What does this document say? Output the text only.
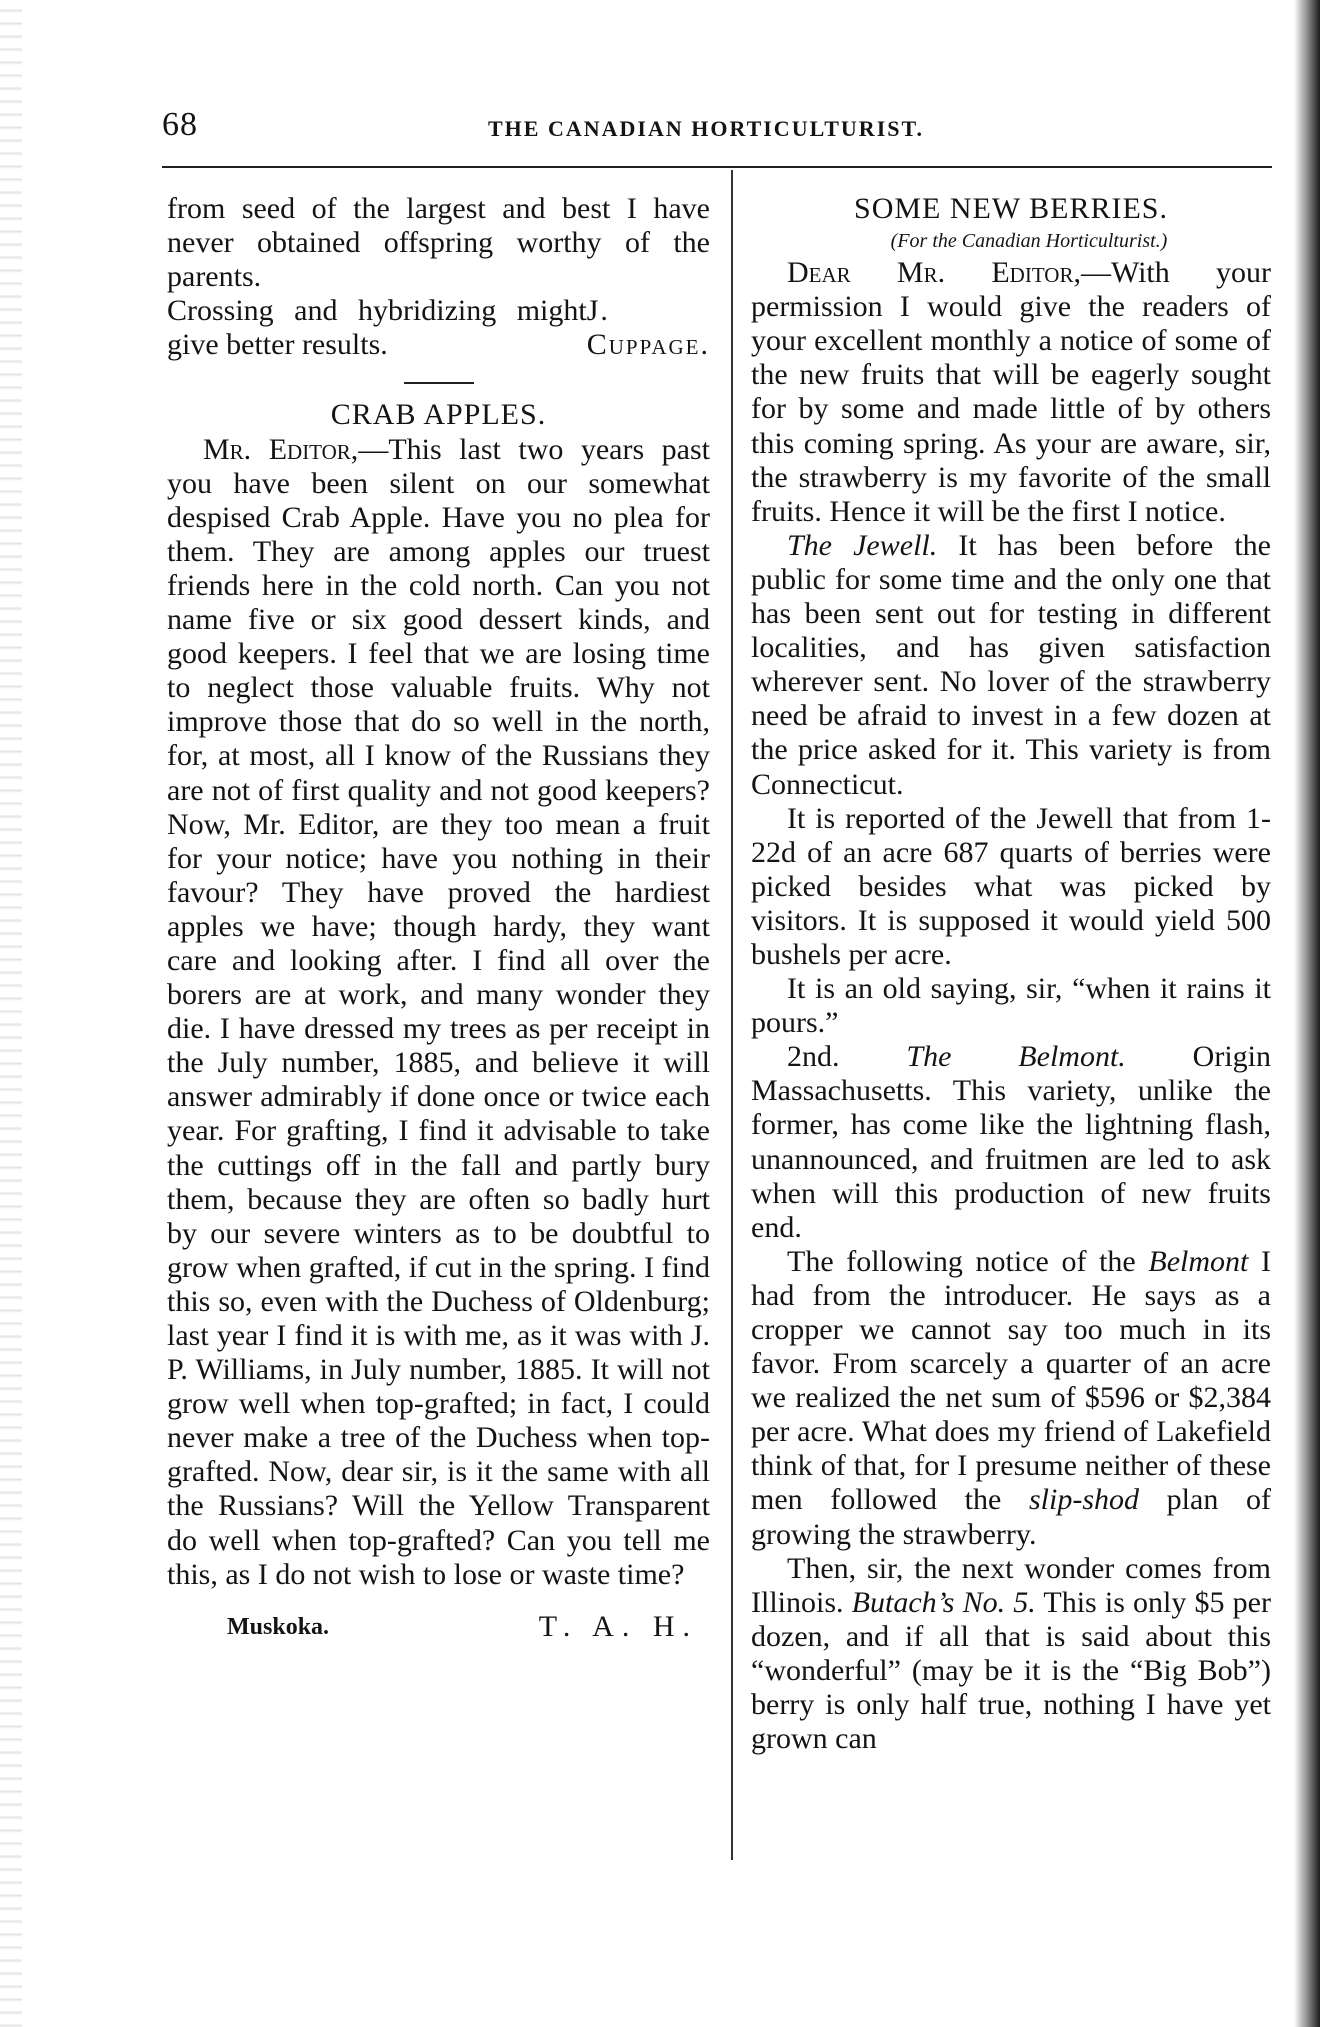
68	THE CANADIAN HORTICULTURIST.

from seed of the largest and best I have never obtained offspring worthy of the parents.

Crossing and hybridizing might give better results.
J. Cuppage.

CRAB APPLES.

Mr. Editor,—This last two years past you have been silent on our somewhat despised Crab Apple. Have you no plea for them. They are among apples our truest friends here in the cold north. Can you not name five or six good dessert kinds, and good keepers. I feel that we are losing time to neglect those valuable fruits. Why not improve those that do so well in the north, for, at most, all I know of the Russians they are not of first quality and not good keepers? Now, Mr. Editor, are they too mean a fruit for your notice; have you nothing in their favour? They have proved the hardiest apples we have; though hardy, they want care and looking after. I find all over the borers are at work, and many wonder they die. I have dressed my trees as per receipt in the July number, 1885, and believe it will answer admirably if done once or twice each year. For grafting, I find it advisable to take the cuttings off in the fall and partly bury them, because they are often so badly hurt by our severe winters as to be doubtful to grow when grafted, if cut in the spring. I find this so, even with the Duchess of Oldenburg; last year I find it is with me, as it was with J. P. Williams, in July number, 1885. It will not grow well when top-grafted; in fact, I could never make a tree of the Duchess when top-grafted. Now, dear sir, is it the same with all the Russians? Will the Yellow Transparent do well when top-grafted? Can you tell me this, as I do not wish to lose or waste time?

Muskoka.	T. A. H.

SOME NEW BERRIES.

(For the Canadian Horticulturist.)

Dear Mr. Editor,—With your permission I would give the readers of your excellent monthly a notice of some of the new fruits that will be eagerly sought for by some and made little of by others this coming spring. As your are aware, sir, the strawberry is my favorite of the small fruits. Hence it will be the first I notice.

The Jewell. It has been before the public for some time and the only one that has been sent out for testing in different localities, and has given satisfaction wherever sent. No lover of the strawberry need be afraid to invest in a few dozen at the price asked for it. This variety is from Connecticut.

It is reported of the Jewell that from 1-22d of an acre 687 quarts of berries were picked besides what was picked by visitors. It is supposed it would yield 500 bushels per acre.

It is an old saying, sir, “when it rains it pours.”

2nd. The Belmont. Origin Massachusetts. This variety, unlike the former, has come like the lightning flash, unannounced, and fruitmen are led to ask when will this production of new fruits end.

The following notice of the Belmont I had from the introducer. He says as a cropper we cannot say too much in its favor. From scarcely a quarter of an acre we realized the net sum of $596 or $2,384 per acre. What does my friend of Lakefield think of that, for I presume neither of these men followed the slip-shod plan of growing the strawberry.

Then, sir, the next wonder comes from Illinois. Butach’s No. 5. This is only $5 per dozen, and if all that is said about this “wonderful” (may be it is the “Big Bob”) berry is only half true, nothing I have yet grown can
